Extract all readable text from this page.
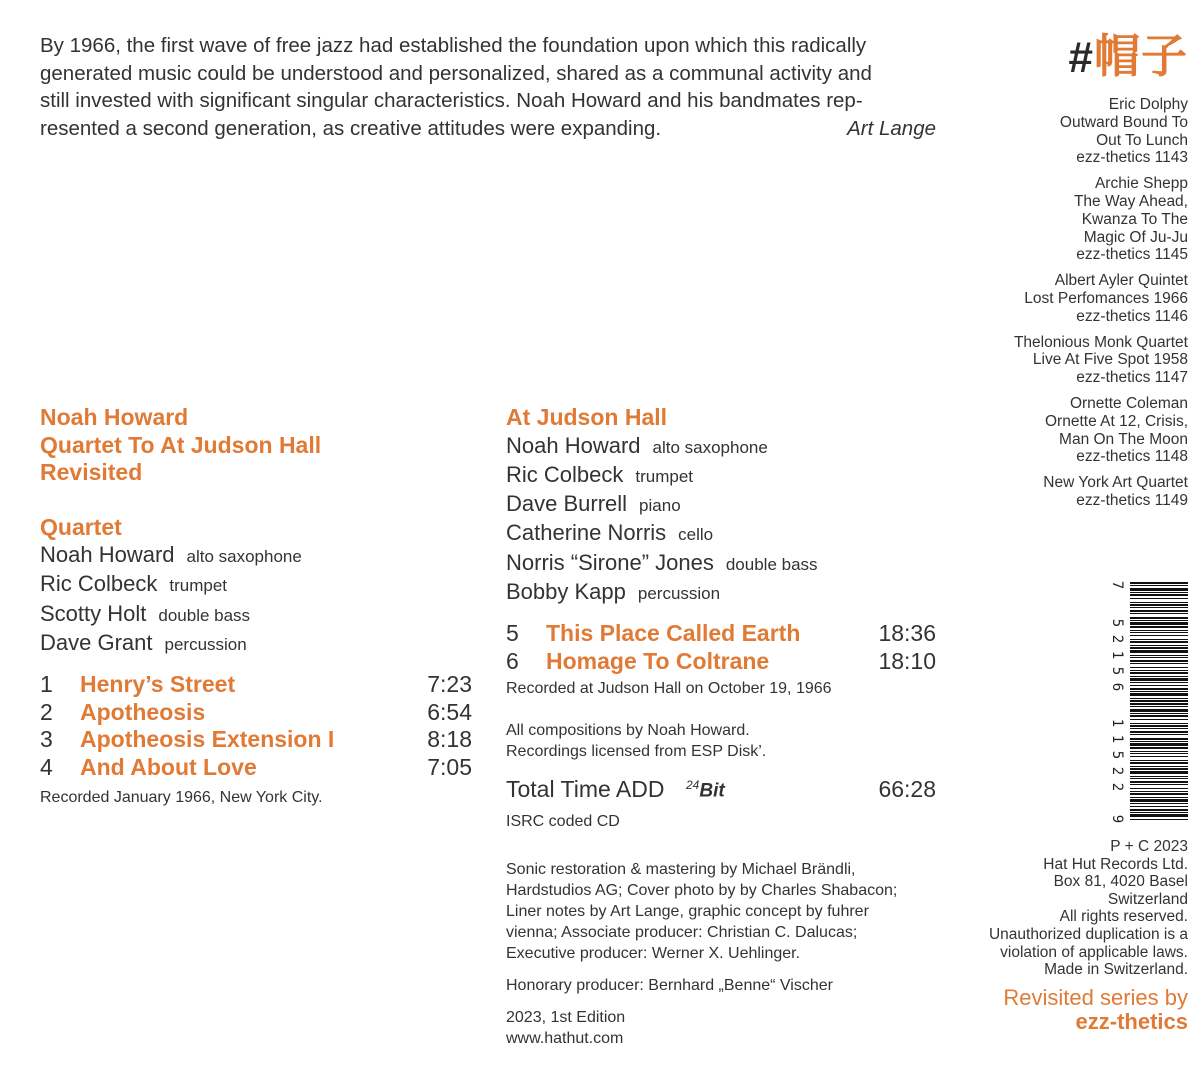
By 1966, the first wave of free jazz had established the foundation upon which this radically
generated music could be understood and personalized, shared as a communal activity and
still invested with significant singular characteristics. Noah Howard and his bandmates rep-
resented a second generation, as creative attitudes were expanding.	Art Lange
#帽子
Eric Dolphy
Outward Bound To
Out To Lunch
ezz-thetics 1143
Archie Shepp
The Way Ahead,
Kwanza To The
Magic Of Ju-Ju
ezz-thetics 1145
Albert Ayler Quintet
Lost Perfomances 1966
ezz-thetics 1146
Thelonious Monk Quartet
Live At Five Spot 1958
ezz-thetics 1147
Ornette Coleman
Ornette At 12, Crisis,
Man On The Moon
ezz-thetics 1148
New York Art Quartet
ezz-thetics 1149
Noah Howard
Quartet To At Judson Hall
Revisited
Quartet
Noah Howard alto saxophone
Ric Colbeck trumpet
Scotty Holt double bass
Dave Grant percussion
1	Henry’s Street	7:23
2	Apotheosis	6:54
3	Apotheosis Extension I	8:18
4	And About Love	7:05
Recorded January 1966, New York City.
At Judson Hall
Noah Howard alto saxophone
Ric Colbeck trumpet
Dave Burrell piano
Catherine Norris cello
Norris “Sirone” Jones double bass
Bobby Kapp percussion
5	This Place Called Earth	18:36
6	Homage To Coltrane	18:10
Recorded at Judson Hall on October 19, 1966
All compositions by Noah Howard.
Recordings licensed from ESP Disk’.
Total Time ADD	$^{24}$Bit	66:28
ISRC coded CD
Sonic restoration & mastering by Michael Brändli,
Hardstudios AG; Cover photo by by Charles Shabacon;
Liner notes by Art Lange, graphic concept by fuhrer
vienna; Associate producer: Christian C. Dalucas;
Executive producer: Werner X. Uehlinger.
Honorary producer: Bernhard „Benne“ Vischer
2023, 1st Edition
www.hathut.com
7
5
2
1
5
6
1
1
5
2
2
9
P + C 2023
Hat Hut Records Ltd.
Box 81, 4020 Basel
Switzerland
All rights reserved.
Unauthorized duplication is a
violation of applicable laws.
Made in Switzerland.
Revisited series by
ezz-thetics
